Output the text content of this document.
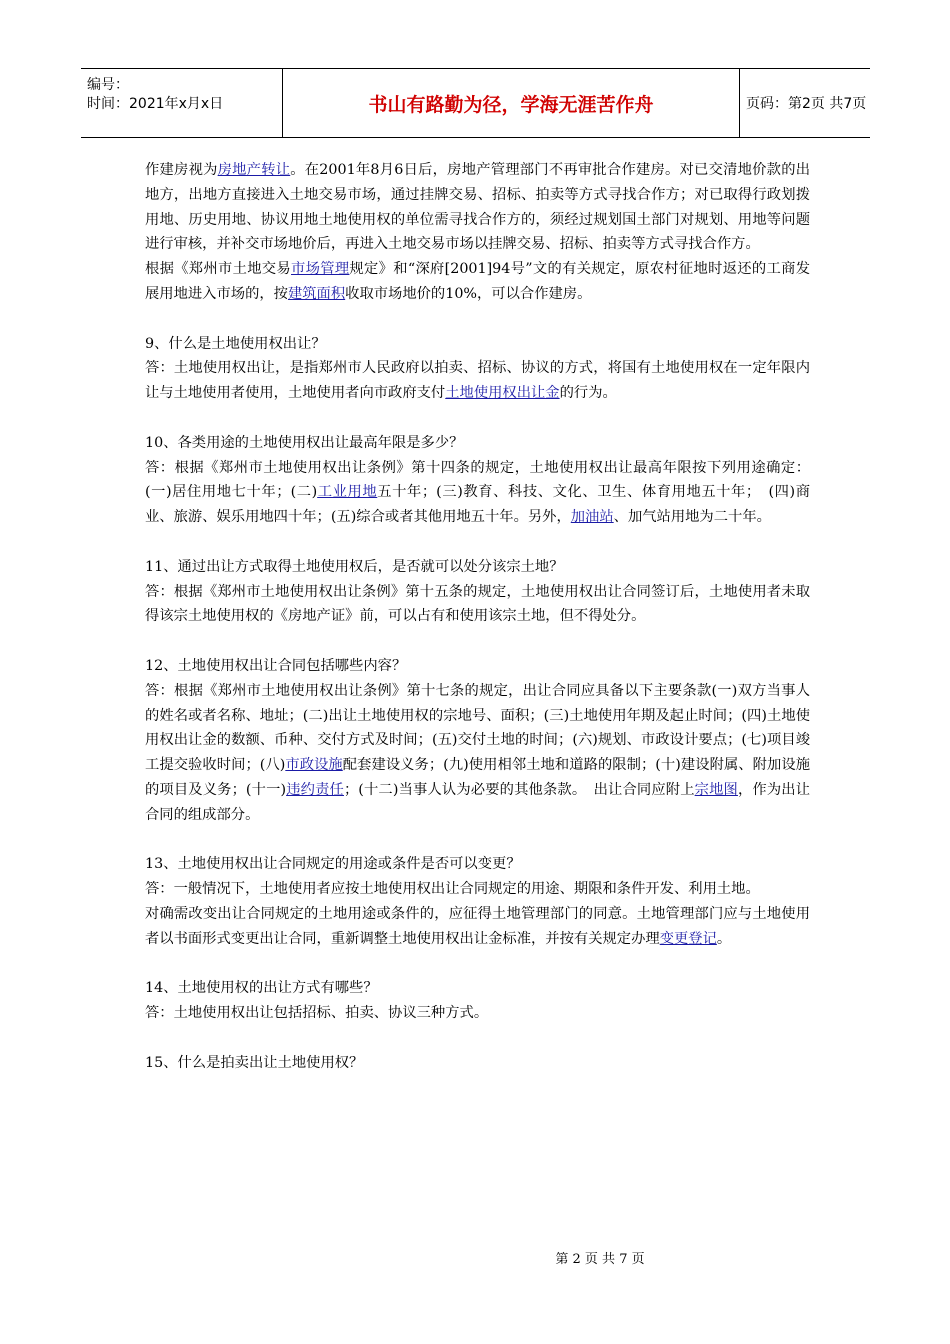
编号：
时间：2021年x月x日	书山有路勤为径，学海无涯苦作舟	页码：第2页 共7页

作建房视为房地产转让。在2001年8月6日后，房地产管理部门不再审批合作建房。对已交清地价款的出地方，出地方直接进入土地交易市场，通过挂牌交易、招标、拍卖等方式寻找合作方；对已取得行政划拨用地、历史用地、协议用地土地使用权的单位需寻找合作方的，须经过规划国土部门对规划、用地等问题进行审核，并补交市场地价后，再进入土地交易市场以挂牌交易、招标、拍卖等方式寻找合作方。

根据《郑州市土地交易市场管理规定》和“深府[2001]94号”文的有关规定，原农村征地时返还的工商发展用地进入市场的，按建筑面积收取市场地价的10%，可以合作建房。

9、什么是土地使用权出让？

答：土地使用权出让，是指郑州市人民政府以拍卖、招标、协议的方式，将国有土地使用权在一定年限内让与土地使用者使用，土地使用者向市政府支付土地使用权出让金的行为。

10、各类用途的土地使用权出让最高年限是多少？

答：根据《郑州市土地使用权出让条例》第十四条的规定，土地使用权出让最高年限按下列用途确定：(一)居住用地七十年；(二)工业用地五十年；(三)教育、科技、文化、卫生、体育用地五十年；　(四)商业、旅游、娱乐用地四十年；(五)综合或者其他用地五十年。另外，加油站、加气站用地为二十年。

11、通过出让方式取得土地使用权后，是否就可以处分该宗土地？

答：根据《郑州市土地使用权出让条例》第十五条的规定，土地使用权出让合同签订后，土地使用者未取得该宗土地使用权的《房地产证》前，可以占有和使用该宗土地，但不得处分。

12、土地使用权出让合同包括哪些内容？

答：根据《郑州市土地使用权出让条例》第十七条的规定，出让合同应具备以下主要条款(一)双方当事人的姓名或者名称、地址；(二)出让土地使用权的宗地号、面积；(三)土地使用年期及起止时间；(四)土地使用权出让金的数额、币种、交付方式及时间；(五)交付土地的时间；(六)规划、市政设计要点；(七)项目竣工提交验收时间；(八)市政设施配套建设义务；(九)使用相邻土地和道路的限制；(十)建设附属、附加设施的项目及义务；(十一)违约责任；(十二)当事人认为必要的其他条款。　出让合同应附上宗地图，作为出让合同的组成部分。

13、土地使用权出让合同规定的用途或条件是否可以变更？

答：一般情况下，土地使用者应按土地使用权出让合同规定的用途、期限和条件开发、利用土地。

对确需改变出让合同规定的土地用途或条件的，应征得土地管理部门的同意。土地管理部门应与土地使用者以书面形式变更出让合同，重新调整土地使用权出让金标准，并按有关规定办理变更登记。

14、土地使用权的出让方式有哪些？

答：土地使用权出让包括招标、拍卖、协议三种方式。

15、什么是拍卖出让土地使用权？

第 2 页 共 7 页
